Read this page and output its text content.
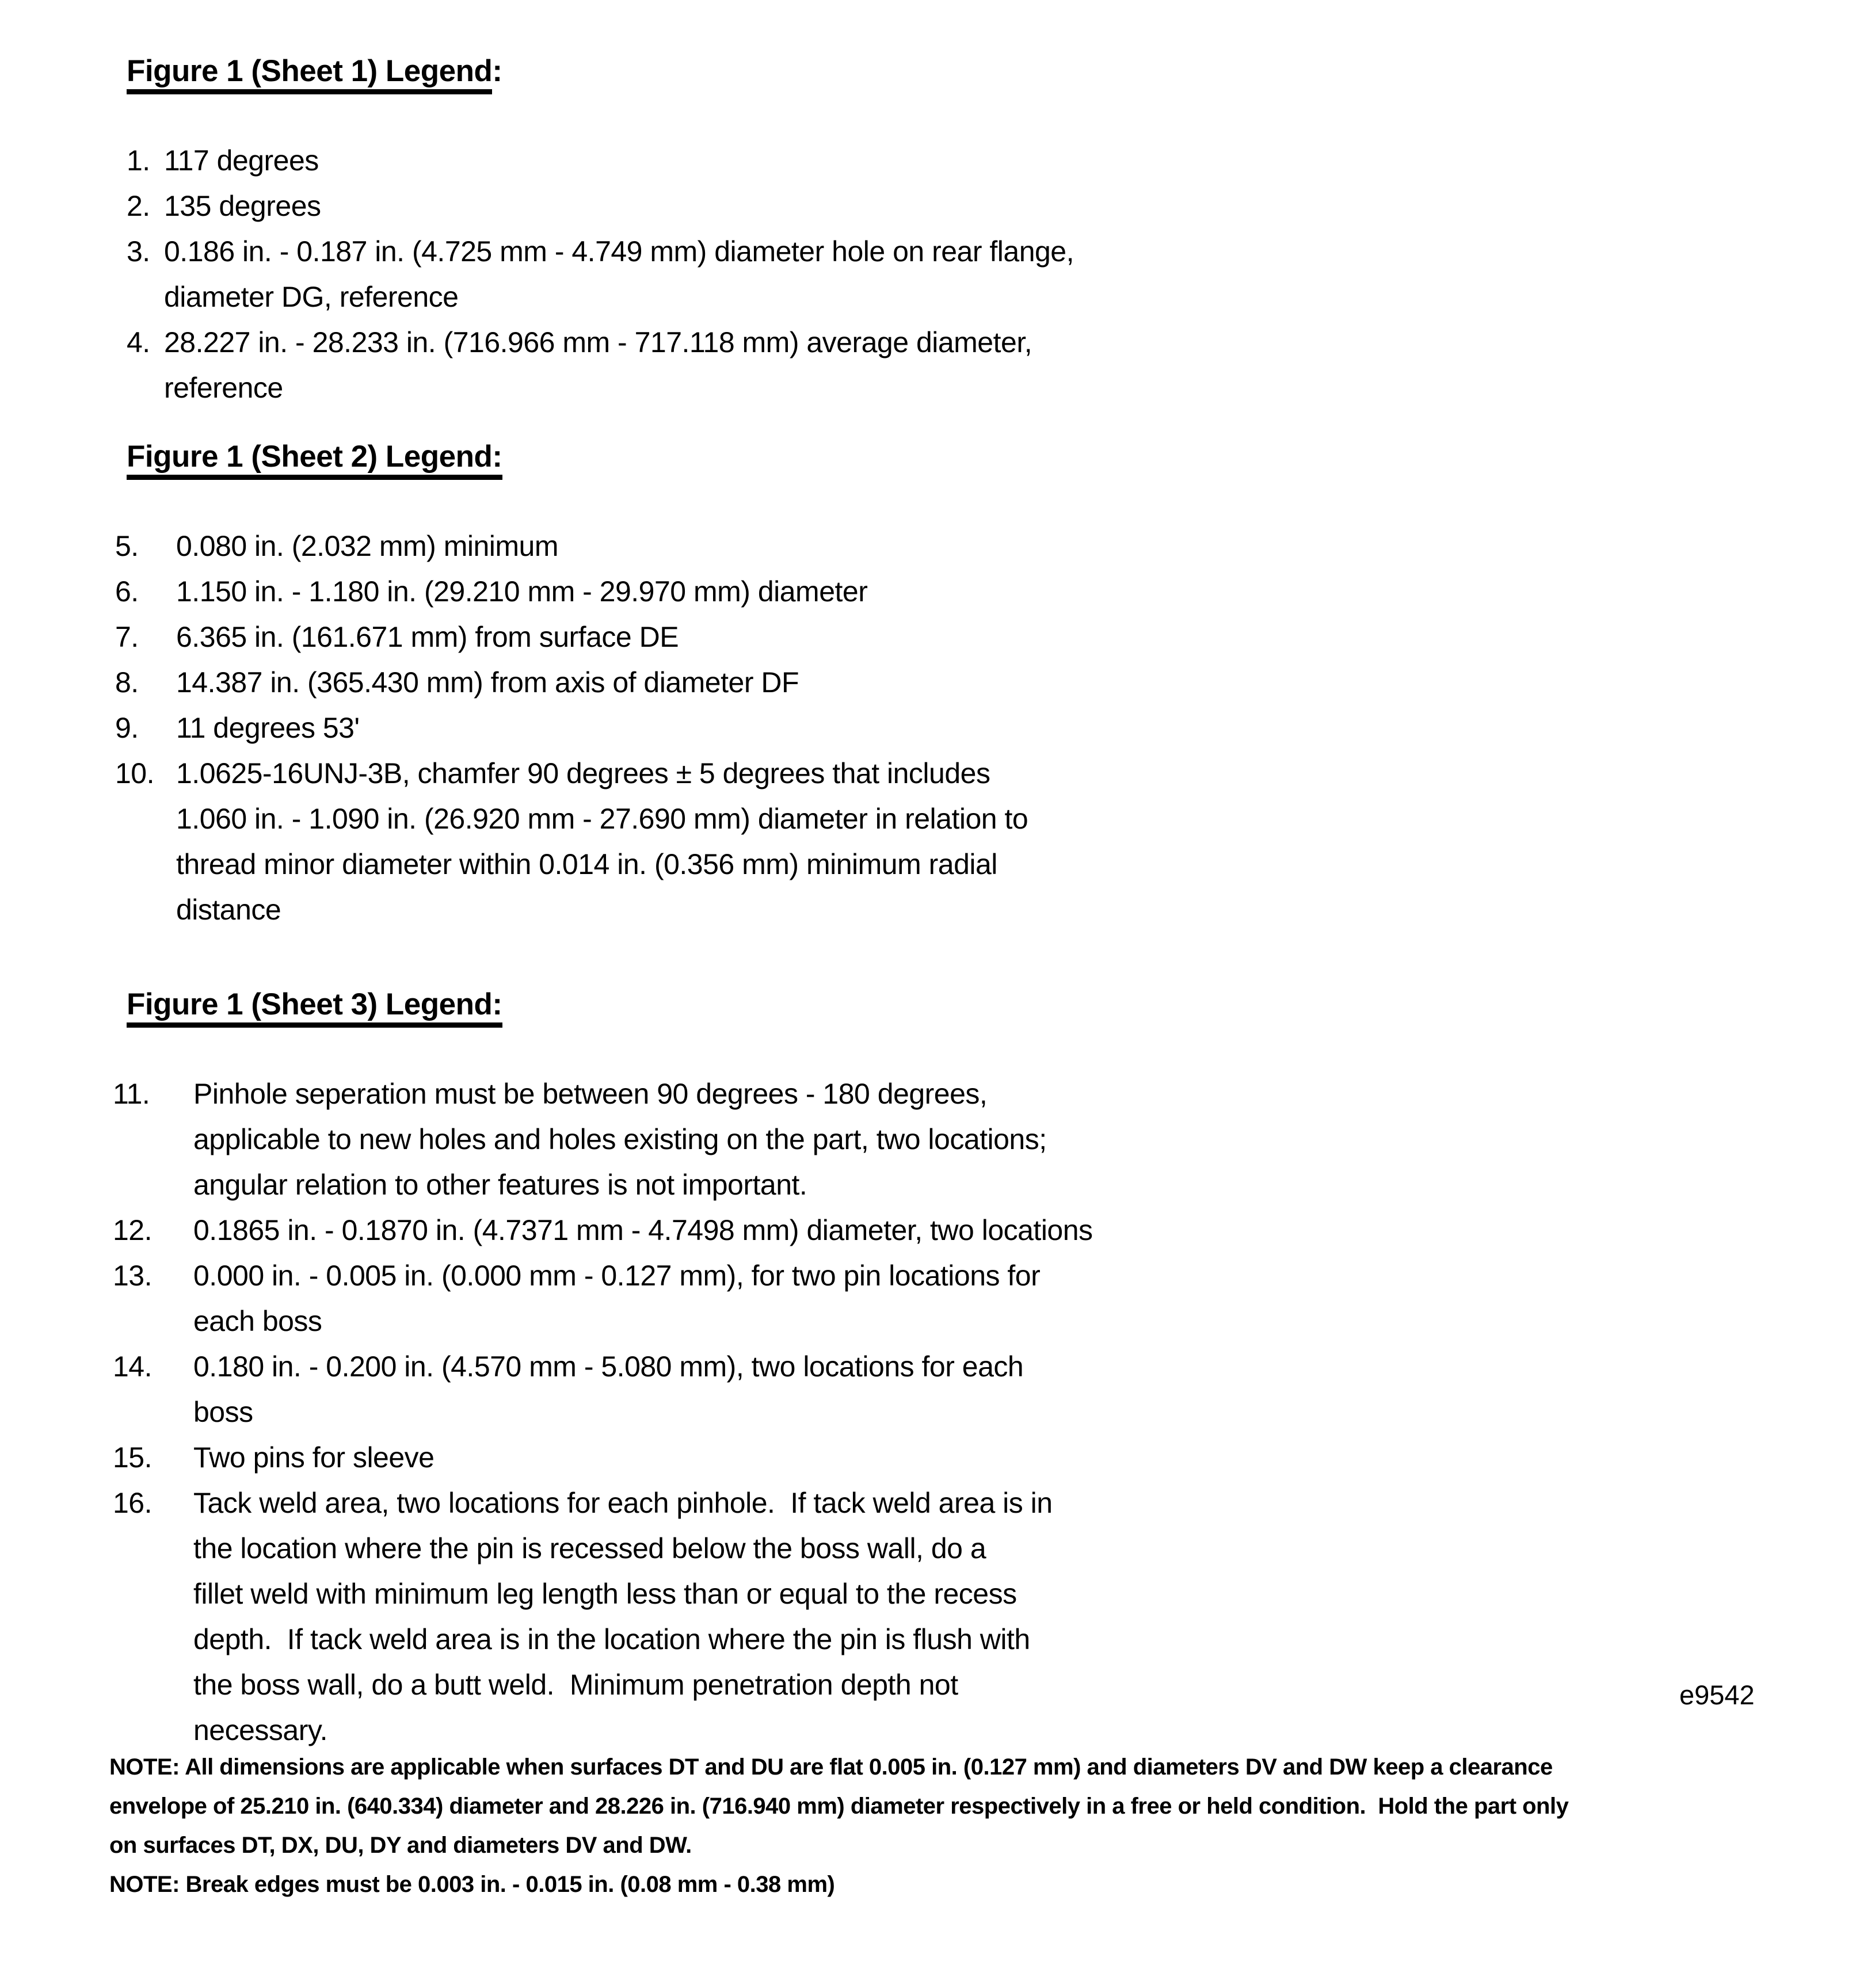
Figure 1 (Sheet 1) Legend:
1. 117 degrees
2. 135 degrees
3. 0.186 in. - 0.187 in. (4.725 mm - 4.749 mm) diameter hole on rear flange,
diameter DG, reference
4. 28.227 in. - 28.233 in. (716.966 mm - 717.118 mm) average diameter,
reference
Figure 1 (Sheet 2) Legend:
5.	0.080 in. (2.032 mm) minimum
6.	1.150 in. - 1.180 in. (29.210 mm - 29.970 mm) diameter
7.	6.365 in. (161.671 mm) from surface DE
8.	14.387 in. (365.430 mm) from axis of diameter DF
9.	11 degrees 53'
10. 1.0625-16UNJ-3B, chamfer 90 degrees ± 5 degrees that includes
1.060 in. - 1.090 in. (26.920 mm - 27.690 mm) diameter in relation to
thread minor diameter within 0.014 in. (0.356 mm) minimum radial
distance
Figure 1 (Sheet 3) Legend:
11.	Pinhole seperation must be between 90 degrees - 180 degrees,
applicable to new holes and holes existing on the part, two locations;
angular relation to other features is not important.
12.	0.1865 in. - 0.1870 in. (4.7371 mm - 4.7498 mm) diameter, two locations
13.	0.000 in. - 0.005 in. (0.000 mm - 0.127 mm), for two pin locations for
each boss
14.	0.180 in. - 0.200 in. (4.570 mm - 5.080 mm), two locations for each
boss
15.	Two pins for sleeve
16.	Tack weld area, two locations for each pinhole.  If tack weld area is in
the location where the pin is recessed below the boss wall, do a
fillet weld with minimum leg length less than or equal to the recess
depth.  If tack weld area is in the location where the pin is flush with
the boss wall, do a butt weld.  Minimum penetration depth not
necessary.
e9542
NOTE: All dimensions are applicable when surfaces DT and DU are flat 0.005 in. (0.127 mm) and diameters DV and DW keep a clearance
envelope of 25.210 in. (640.334) diameter and 28.226 in. (716.940 mm) diameter respectively in a free or held condition.  Hold the part only
on surfaces DT, DX, DU, DY and diameters DV and DW.
NOTE: Break edges must be 0.003 in. - 0.015 in. (0.08 mm - 0.38 mm)
